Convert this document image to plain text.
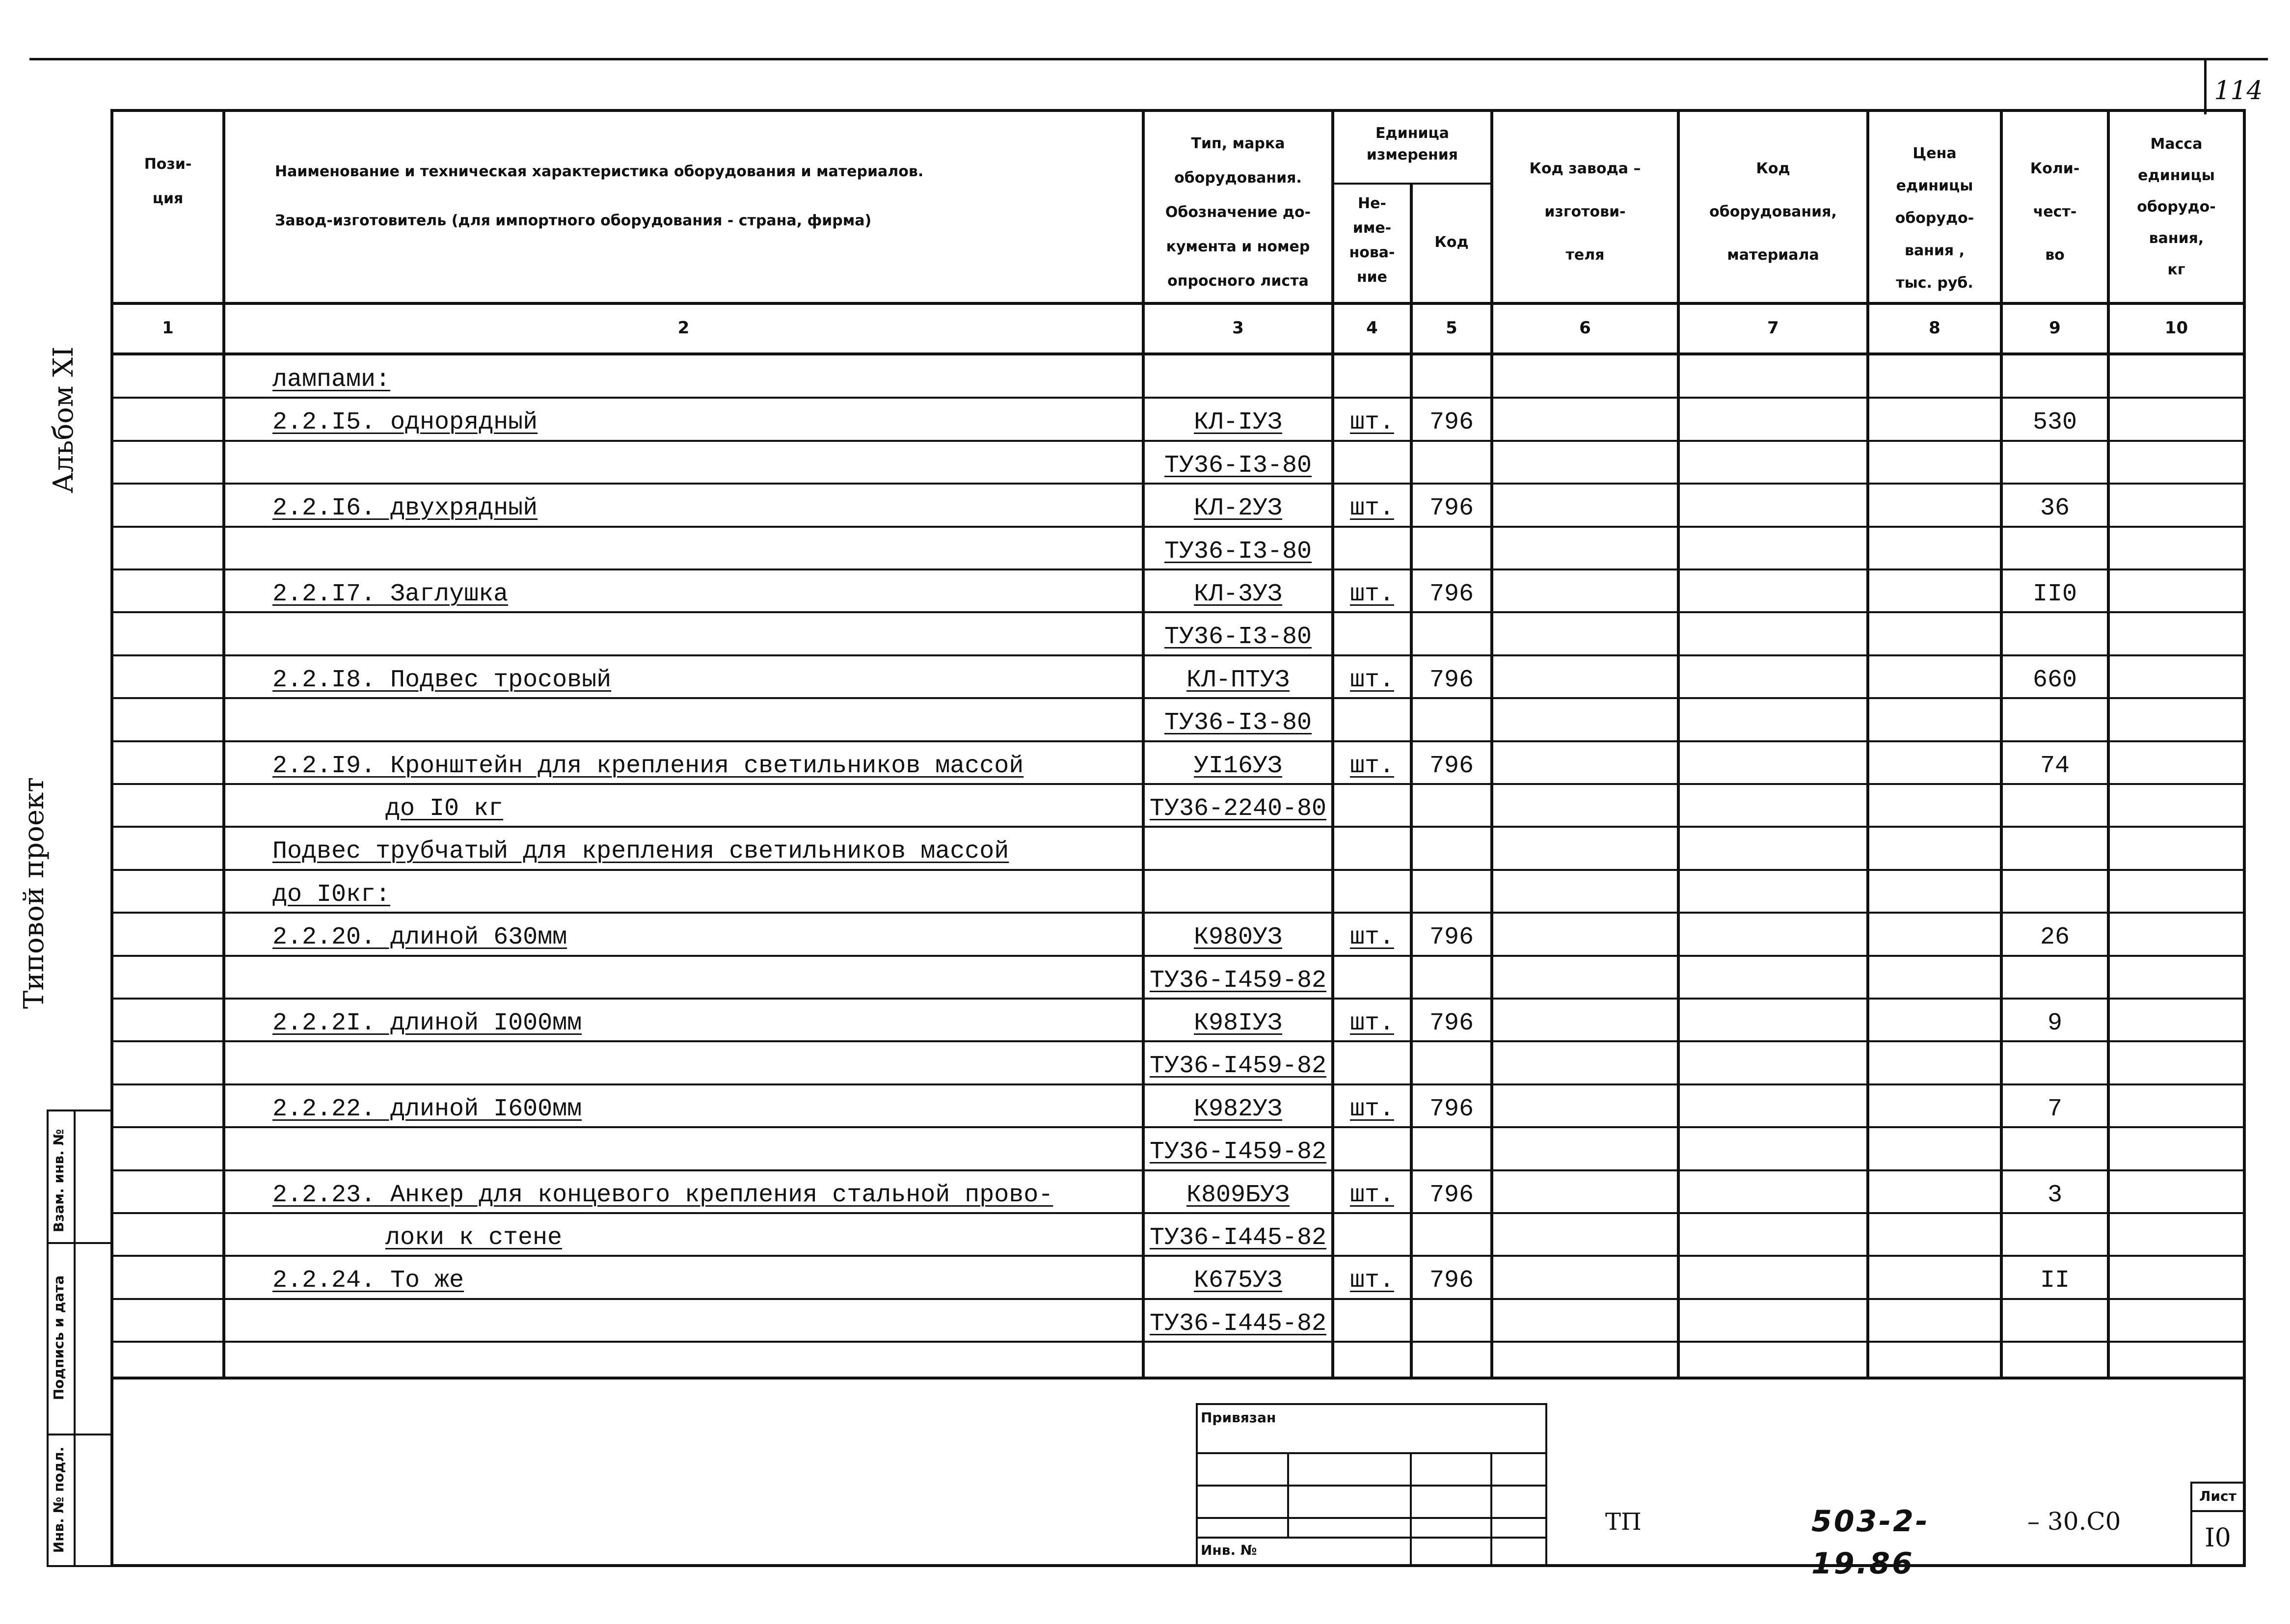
114
Альбом XI
Типовой проект
Взам. инв. №
Подпись и дата
Инв. № подл.
Пози-
ция
Наименование и техническая характеристика оборудования и материалов.
Завод-изготовитель (для импортного оборудования - страна, фирма)
Тип, марка
оборудования.
Обозначение до-
кумента и номер
опросного листа
Единица
измерения
Не-
име-
нова-
ние
Код
Код завода –
изготови-
теля
Код
оборудования,
материала
Цена
единицы
оборудо-
вания ,
тыс. руб.
Коли-
чест-
во
Масса
единицы
оборудо-
вания,
кг
1	2	3	4	5	6	7	8	9	10
лампами:
2.2.I5. однорядный	КЛ-IУЗ	шт.	796	530
ТУ36-I3-80
2.2.I6. двухрядный	КЛ-2УЗ	шт.	796	36
ТУ36-I3-80
2.2.I7. Заглушка	КЛ-3УЗ	шт.	796	II0
ТУ36-I3-80
2.2.I8. Подвес тросовый	КЛ-ПТУЗ	шт.	796	660
ТУ36-I3-80
2.2.I9. Кронштейн для крепления светильников массой	УI16УЗ	шт.	796	74
до I0 кг	ТУ36-2240-80
Подвес трубчатый для крепления светильников массой
до I0кг:
2.2.20. длиной 630мм	К980УЗ	шт.	796	26
ТУ36-I459-82
2.2.2I. длиной I000мм	К98IУЗ	шт.	796	9
ТУ36-I459-82
2.2.22. длиной I600мм	К982УЗ	шт.	796	7
ТУ36-I459-82
2.2.23. Анкер для концевого крепления стальной прово-	К809БУЗ	шт.	796	3
локи к стене	ТУ36-I445-82
2.2.24. То же	К675УЗ	шт.	796	II
ТУ36-I445-82
Привязан
Инв. №
ТП	503-2-19.86
– 30.С0
Лист
I0
